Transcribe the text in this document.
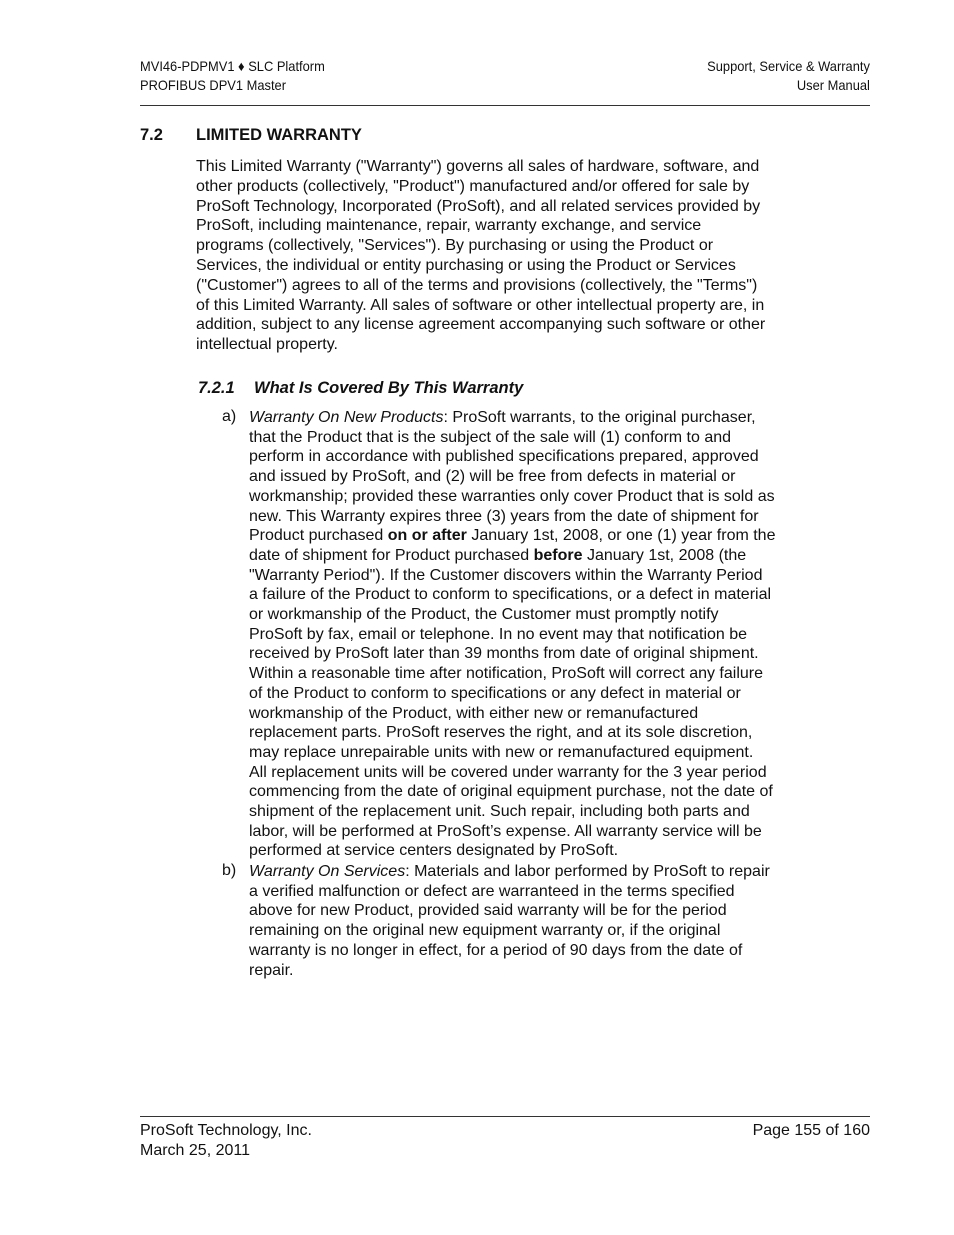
MVI46-PDPMV1 ♦ SLC Platform
PROFIBUS DPV1 Master
Support, Service & Warranty
User Manual
7.2 LIMITED WARRANTY
This Limited Warranty ("Warranty") governs all sales of hardware, software, and
other products (collectively, "Product") manufactured and/or offered for sale by
ProSoft Technology, Incorporated (ProSoft), and all related services provided by
ProSoft, including maintenance, repair, warranty exchange, and service
programs (collectively, "Services"). By purchasing or using the Product or
Services, the individual or entity purchasing or using the Product or Services
("Customer") agrees to all of the terms and provisions (collectively, the "Terms")
of this Limited Warranty. All sales of software or other intellectual property are, in
addition, subject to any license agreement accompanying such software or other
intellectual property.
7.2.1 What Is Covered By This Warranty
a) Warranty On New Products: ProSoft warrants, to the original purchaser,
that the Product that is the subject of the sale will (1) conform to and
perform in accordance with published specifications prepared, approved
and issued by ProSoft, and (2) will be free from defects in material or
workmanship; provided these warranties only cover Product that is sold as
new. This Warranty expires three (3) years from the date of shipment for
Product purchased on or after January 1st, 2008, or one (1) year from the
date of shipment for Product purchased before January 1st, 2008 (the
"Warranty Period"). If the Customer discovers within the Warranty Period
a failure of the Product to conform to specifications, or a defect in material
or workmanship of the Product, the Customer must promptly notify
ProSoft by fax, email or telephone. In no event may that notification be
received by ProSoft later than 39 months from date of original shipment.
Within a reasonable time after notification, ProSoft will correct any failure
of the Product to conform to specifications or any defect in material or
workmanship of the Product, with either new or remanufactured
replacement parts. ProSoft reserves the right, and at its sole discretion,
may replace unrepairable units with new or remanufactured equipment.
All replacement units will be covered under warranty for the 3 year period
commencing from the date of original equipment purchase, not the date of
shipment of the replacement unit. Such repair, including both parts and
labor, will be performed at ProSoft’s expense. All warranty service will be
performed at service centers designated by ProSoft.
b) Warranty On Services: Materials and labor performed by ProSoft to repair
a verified malfunction or defect are warranteed in the terms specified
above for new Product, provided said warranty will be for the period
remaining on the original new equipment warranty or, if the original
warranty is no longer in effect, for a period of 90 days from the date of
repair.
ProSoft Technology, Inc.
March 25, 2011
Page 155 of 160
